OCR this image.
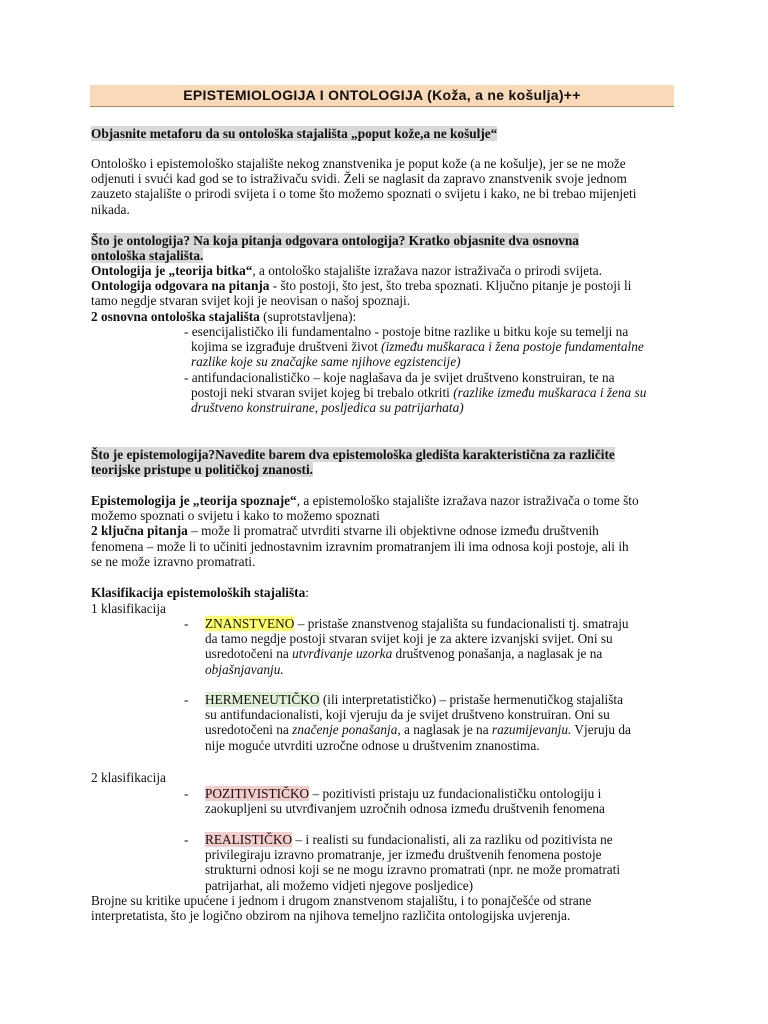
EPISTEMIOLOGIJA I ONTOLOGIJA (Koža, a ne košulja)++
Objasnite metaforu da su ontološka stajališta „poput kože,a ne košulje“
Ontološko i epistemološko stajalište nekog znanstvenika je poput kože (a ne košulje), jer se ne može
odjenuti i svući kad god se to istraživaču svidi. Želi se naglasit da zapravo znanstvenik svoje jednom
zauzeto stajalište o prirodi svijeta i o tome što možemo spoznati o svijetu i kako, ne bi trebao mijenjeti
nikada.
Što je ontologija? Na koja pitanja odgovara ontologija? Kratko objasnite dva osnovna
ontološka stajališta.
Ontologija je „teorija bitka“, a ontološko stajalište izražava nazor istraživača o prirodi svijeta.
Ontologija odgovara na pitanja - što postoji, što jest, što treba spoznati. Ključno pitanje je postoji li
tamo negdje stvaran svijet koji je neovisan o našoj spoznaji.
2 osnovna ontološka stajališta (suprotstavljena):
- esencijalističko ili fundamentalno - postoje bitne razlike u bitku koje su temelji na
kojima se izgrađuje društveni život (između muškaraca i žena postoje fundamentalne
razlike koje su značajke same njihove egzistencije)
- antifundacionalističko – koje naglašava da je svijet društveno konstruiran, te na
postoji neki stvaran svijet kojeg bi trebalo otkriti (razlike između muškaraca i žena su
društveno konstruirane, posljedica su patrijarhata)
Što je epistemologija?Navedite barem dva epistemološka gledišta karakteristična za različite
teorijske pristupe u političkoj znanosti.
Epistemologija je „teorija spoznaje“, a epistemološko stajalište izražava nazor istraživača o tome što
možemo spoznati o svijetu i kako to možemo spoznati
2 ključna pitanja – može li promatrač utvrditi stvarne ili objektivne odnose između društvenih
fenomena – može li to učiniti jednostavnim izravnim promatranjem ili ima odnosa koji postoje, ali ih
se ne može izravno promatrati.
Klasifikacija epistemoloških stajališta:
1 klasifikacija
- ZNANSTVENO – pristaše znanstvenog stajališta su fundacionalisti tj. smatraju
da tamo negdje postoji stvaran svijet koji je za aktere izvanjski svijet. Oni su
usredotočeni na utvrđivanje uzorka društvenog ponašanja, a naglasak je na
objašnjavanju.
- HERMENEUTIČKO (ili interpretatističko) – pristaše hermenutičkog stajališta
su antifundacionalisti, koji vjeruju da je svijet društveno konstruiran. Oni su
usredotočeni na značenje ponašanja, a naglasak je na razumijevanju. Vjeruju da
nije moguće utvrditi uzročne odnose u društvenim znanostima.
2 klasifikacija
- POZITIVISTIČKO – pozitivisti pristaju uz fundacionalističku ontologiju i
zaokupljeni su utvrđivanjem uzročnih odnosa između društvenih fenomena
- REALISTIČKO – i realisti su fundacionalisti, ali za razliku od pozitivista ne
privilegiraju izravno promatranje, jer između društvenih fenomena postoje
strukturni odnosi koji se ne mogu izravno promatrati (npr. ne može promatrati
patrijarhat, ali možemo vidjeti njegove posljedice)
Brojne su kritike upućene i jednom i drugom znanstvenom stajalištu, i to ponajčešće od strane
interpretatista, što je logično obzirom na njihova temeljno različita ontologijska uvjerenja.
